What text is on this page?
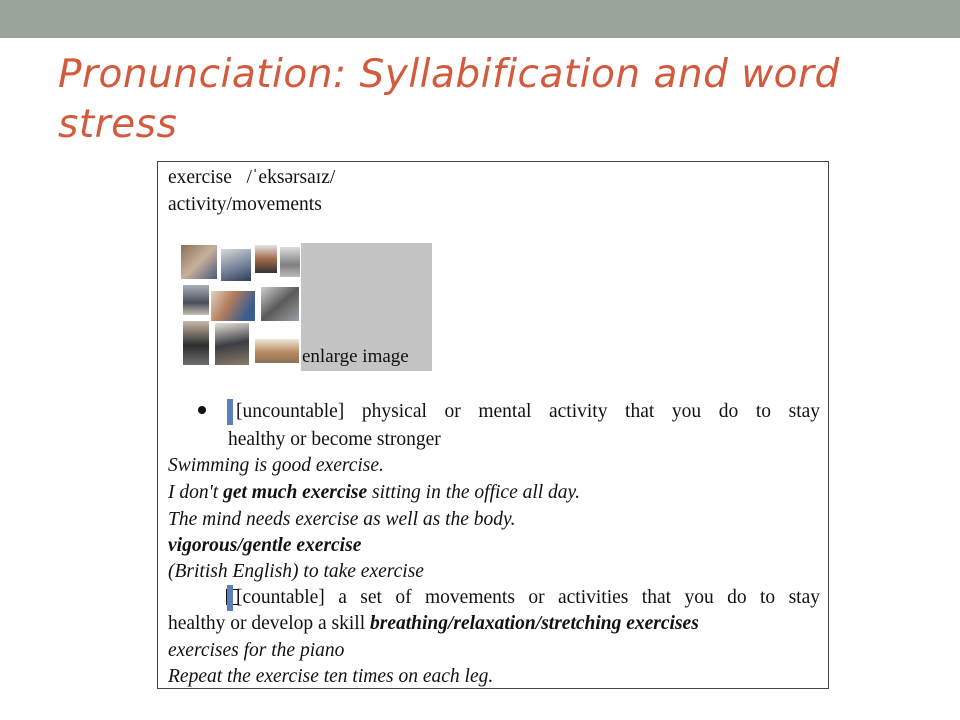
Pronunciation: Syllabification and word stress
exercise /ˈeksərsaɪz/
activity/movements
enlarge image
[uncountable] physical or mental activity that you do to stay
healthy or become stronger
Swimming is good exercise.
I don't get much exercise sitting in the office all day.
The mind needs exercise as well as the body.
vigorous/gentle exercise
(British English) to take exercise
[countable] a set of movements or activities that you do to stay
healthy or develop a skill breathing/relaxation/stretching exercises
exercises for the piano
Repeat the exercise ten times on each leg.
